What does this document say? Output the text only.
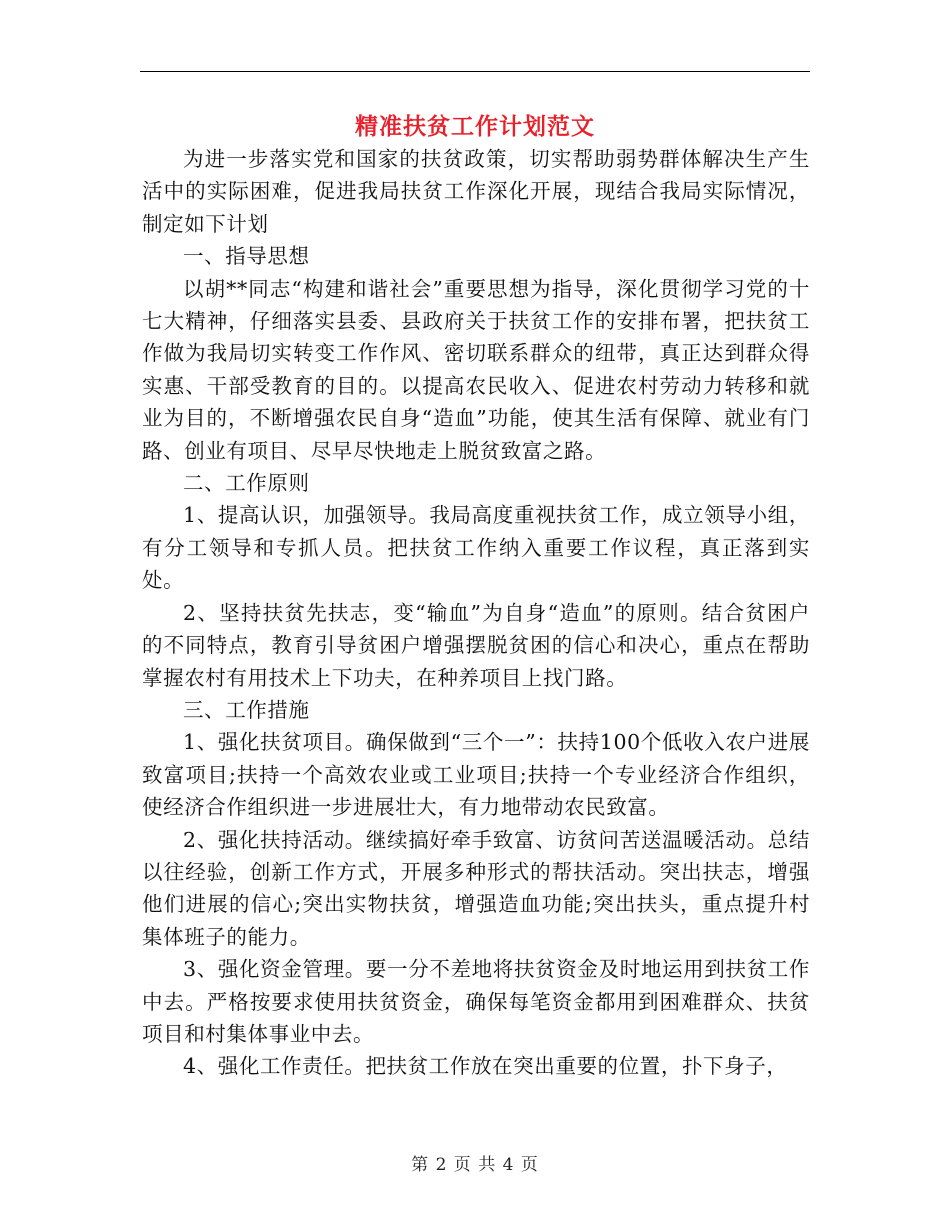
精准扶贫工作计划范文

为进一步落实党和国家的扶贫政策，切实帮助弱势群体解决生产生活中的实际困难，促进我局扶贫工作深化开展，现结合我局实际情况，制定如下计划

一、指导思想

以胡**同志“构建和谐社会”重要思想为指导，深化贯彻学习党的十七大精神，仔细落实县委、县政府关于扶贫工作的安排布署，把扶贫工作做为我局切实转变工作作风、密切联系群众的纽带，真正达到群众得实惠、干部受教育的目的。以提高农民收入、促进农村劳动力转移和就业为目的，不断增强农民自身“造血”功能，使其生活有保障、就业有门路、创业有项目、尽早尽快地走上脱贫致富之路。

二、工作原则

1、提高认识，加强领导。我局高度重视扶贫工作，成立领导小组，有分工领导和专抓人员。把扶贫工作纳入重要工作议程，真正落到实处。

2、坚持扶贫先扶志，变“输血”为自身“造血”的原则。结合贫困户的不同特点，教育引导贫困户增强摆脱贫困的信心和决心，重点在帮助掌握农村有用技术上下功夫，在种养项目上找门路。

三、工作措施

1、强化扶贫项目。确保做到“三个一”：扶持100个低收入农户进展致富项目;扶持一个高效农业或工业项目;扶持一个专业经济合作组织，使经济合作组织进一步进展壮大，有力地带动农民致富。

2、强化扶持活动。继续搞好牵手致富、访贫问苦送温暖活动。总结以往经验，创新工作方式，开展多种形式的帮扶活动。突出扶志，增强他们进展的信心;突出实物扶贫，增强造血功能;突出扶头，重点提升村集体班子的能力。

3、强化资金管理。要一分不差地将扶贫资金及时地运用到扶贫工作中去。严格按要求使用扶贫资金，确保每笔资金都用到困难群众、扶贫项目和村集体事业中去。

4、强化工作责任。把扶贫工作放在突出重要的位置，扑下身子，

第 2 页 共 4 页
